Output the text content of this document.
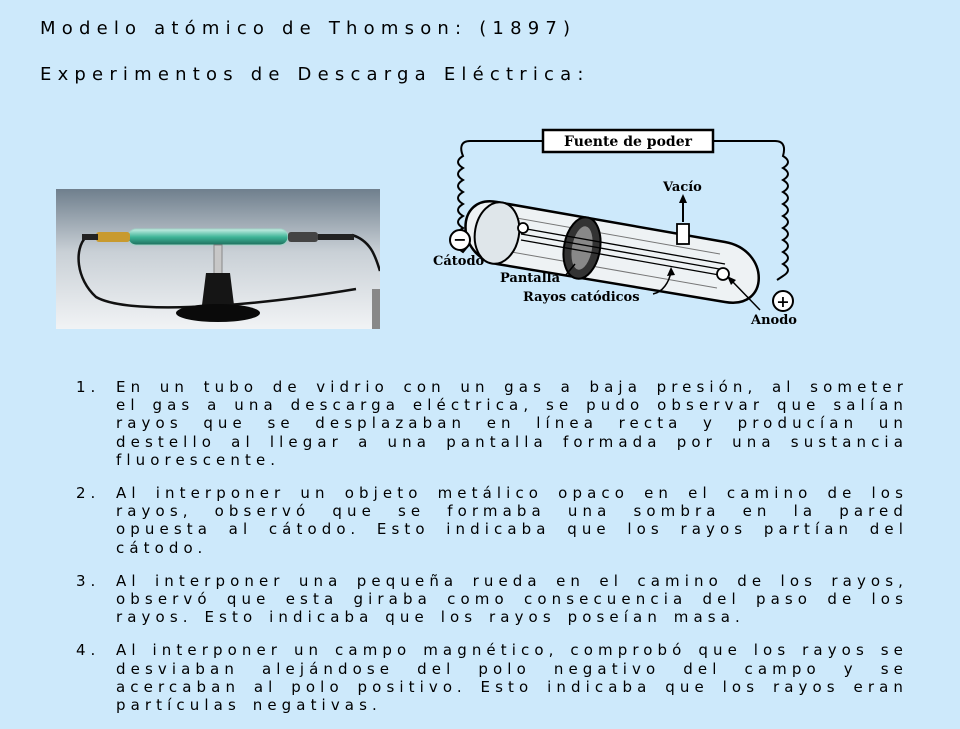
Modelo atómico de Thomson: (1897)
Experimentos de Descarga Eléctrica:
Fuente de poder
Vacío
−
+
Cátodo
Pantalla
Rayos catódicos
Anodo
1.	En un tubo de vidrio con un gas a baja presión, al someter el gas a una descarga eléctrica, se pudo observar que salían rayos que se desplazaban en línea recta y producían un destello al llegar a una pantalla formada por una sustancia fluorescente.
2.	Al interponer un objeto metálico opaco en el camino de los rayos, observó que se formaba una sombra en la pared opuesta al cátodo. Esto indicaba que los rayos partían del cátodo.
3.	Al interponer una pequeña rueda en el camino de los rayos, observó que esta giraba como consecuencia del paso de los rayos. Esto indicaba que los rayos poseían masa.
4.	Al interponer un campo magnético, comprobó que los rayos se desviaban alejándose del polo negativo del campo y se acercaban al polo positivo. Esto indicaba que los rayos eran partículas negativas.
